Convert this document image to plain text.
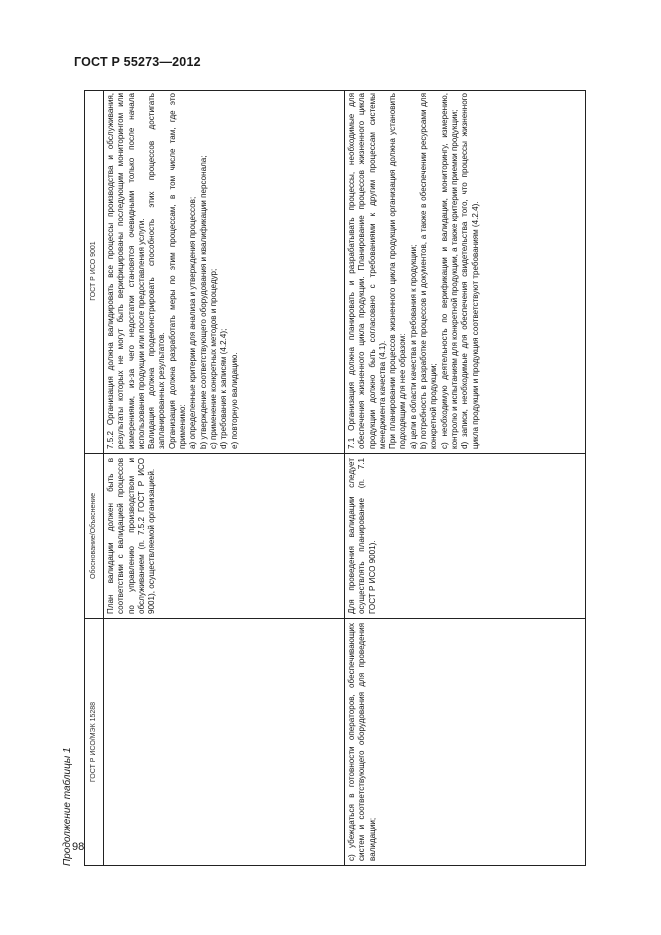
ГОСТ Р 55273—2012
Продолжение таблицы 1
ГОСТ Р ИСО/МЭК 15288
Обоснование/Объяснение
ГОСТ Р ИСО 9001

План валидации должен быть в соответствии с валидацией процессов по управлению производством и обслуживанием (п. 7.5.2 ГОСТ Р ИСО 9001), осуществляемой организацией.

7.5.2 Организация должна валидировать все процессы производства и обслуживания, результаты которых не могут быть верифицированы последующим мониторингом или измерениями, из-за чего недостатки становятся очевидными только после начала использования продукции или после предоставления услуги. Валидация должна продемонстрировать способность этих процессов достигать запланированных результатов. Организация должна разработать меры по этим процессам, в том числе там, где это применимо: a) определенные критерии для анализа и утверждения процессов; b) утверждение соответствующего оборудования и квалификации персонала; c) применение конкретных методов и процедур; d) требования к записям (4.2.4); e) повторную валидацию.

c) убеждаться в готовности операторов, обеспечивающих систем и соответствующего оборудования для проведения валидации;

Для проведения валидации следует осуществлять планирование (п. 7.1 ГОСТ Р ИСО 9001).

7.1 Организация должна планировать и разрабатывать процессы, необходимые для обеспечения жизненного цикла продукции. Планирование процессов жизненного цикла продукции должно быть согласовано с требованиями к другим процессам системы менеджмента качества (4.1). При планировании процессов жизненного цикла продукции организация должна установить подходящим для нее образом: a) цели в области качества и требования к продукции; b) потребность в разработке процессов и документов, а также в обеспечении ресурсами для конкретной продукции; c) необходимую деятельность по верификации и валидации, мониторингу, измерению, контролю и испытаниям для конкретной продукции, а также критерии приемки продукции; d) записи, необходимые для обеспечения свидетельства того, что процессы жизненного цикла продукции и продукция соответствуют требованиям (4.2.4).

98
